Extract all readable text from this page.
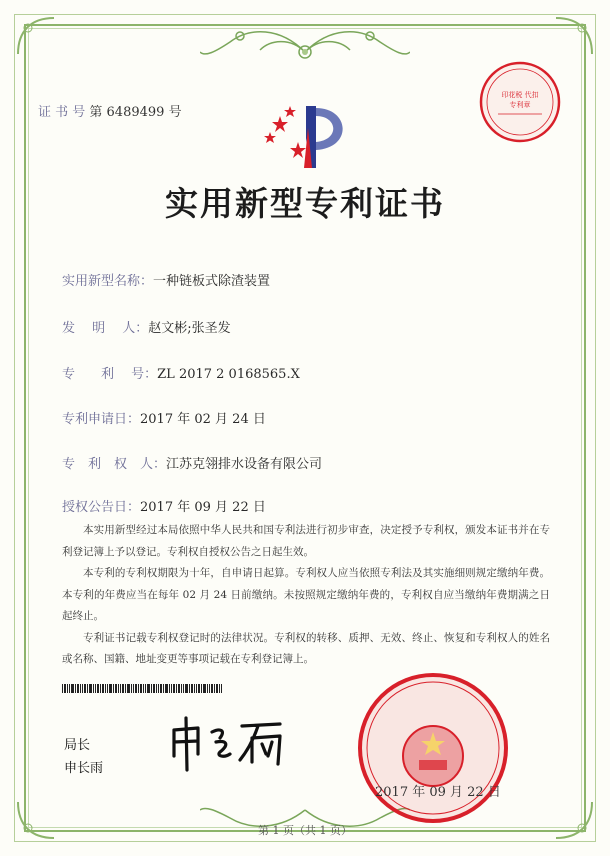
证 书 号 第 6489499 号
印花税 代扣专利章
实用新型专利证书
实用新型名称：一种链板式除渣装置
发　 明　 人：赵文彬;张圣发
专　　利　 号：ZL 2017 2 0168565.X
专利申请日：2017 年 02 月 24 日
专　利　权　人：江苏克翎排水设备有限公司
授权公告日：2017 年 09 月 22 日

本实用新型经过本局依照中华人民共和国专利法进行初步审查，决定授予专利权，颁发本证书并在专利登记簿上予以登记。专利权自授权公告之日起生效。

本专利的专利权期限为十年，自申请日起算。专利权人应当依照专利法及其实施细则规定缴纳年费。本专利的年费应当在每年 02 月 24 日前缴纳。未按照规定缴纳年费的，专利权自应当缴纳年费期满之日起终止。

专利证书记载专利权登记时的法律状况。专利权的转移、质押、无效、终止、恢复和专利权人的姓名或名称、国籍、地址变更等事项记载在专利登记簿上。

局长
申长雨
2017 年 09 月 22 日
第 1 页（共 1 页）
